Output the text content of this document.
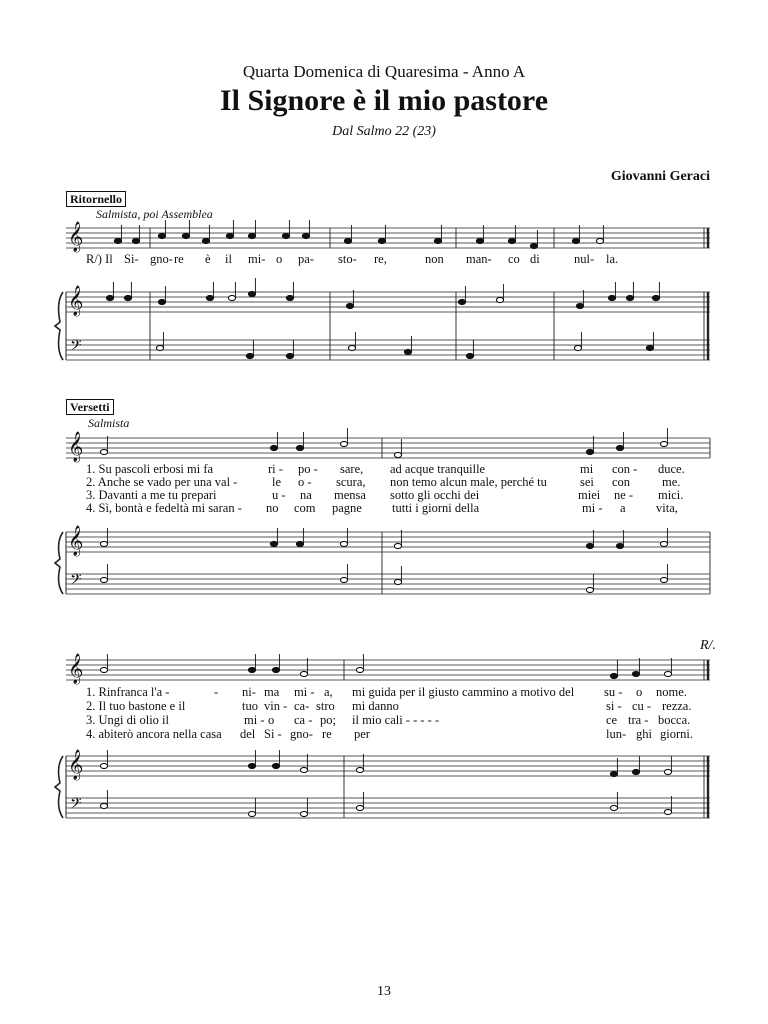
Quarta Domenica di Quaresima - Anno A
Il Signore è il mio pastore
Dal Salmo 22 (23)
Giovanni Geraci
Ritornello
Salmista, poi Assemblea
Versetti
Salmista
R/.
𝄞
𝄞
𝄢
𝄞
𝄞
𝄢
𝄞
𝄞
𝄢
R/) Il Si- gno- re è il mi- o pa- sto- re,	non man- co di	nul- la.
1. Su pascoli erbosi mi fa	ri - po - sare, ad acque tranquille	mi con - duce.
2. Anche se vado per una val -	le o - scura, non temo alcun male, perché tu	sei con	me.
3. Davanti a me tu prepari	u - na mensa sotto gli occhi dei	miei ne - mici.
4. Sì, bontà e fedeltà mi saran - no com pagne tutti i giorni della	mi - a vita,
1. Rinfranca l'a -	- ni- ma mi - a, mi guida per il giusto cammino a motivo del su - o nome.
2. Il tuo bastone e il	tuo vin - ca- stro mi danno	si - cu - rezza.
3. Ungi di olio il	mi - o ca - po; il mio cali - - - - -	ce tra - bocca.
4. abiterò ancora nella casa del Si - gno- re per	lun- ghi giorni.
13
